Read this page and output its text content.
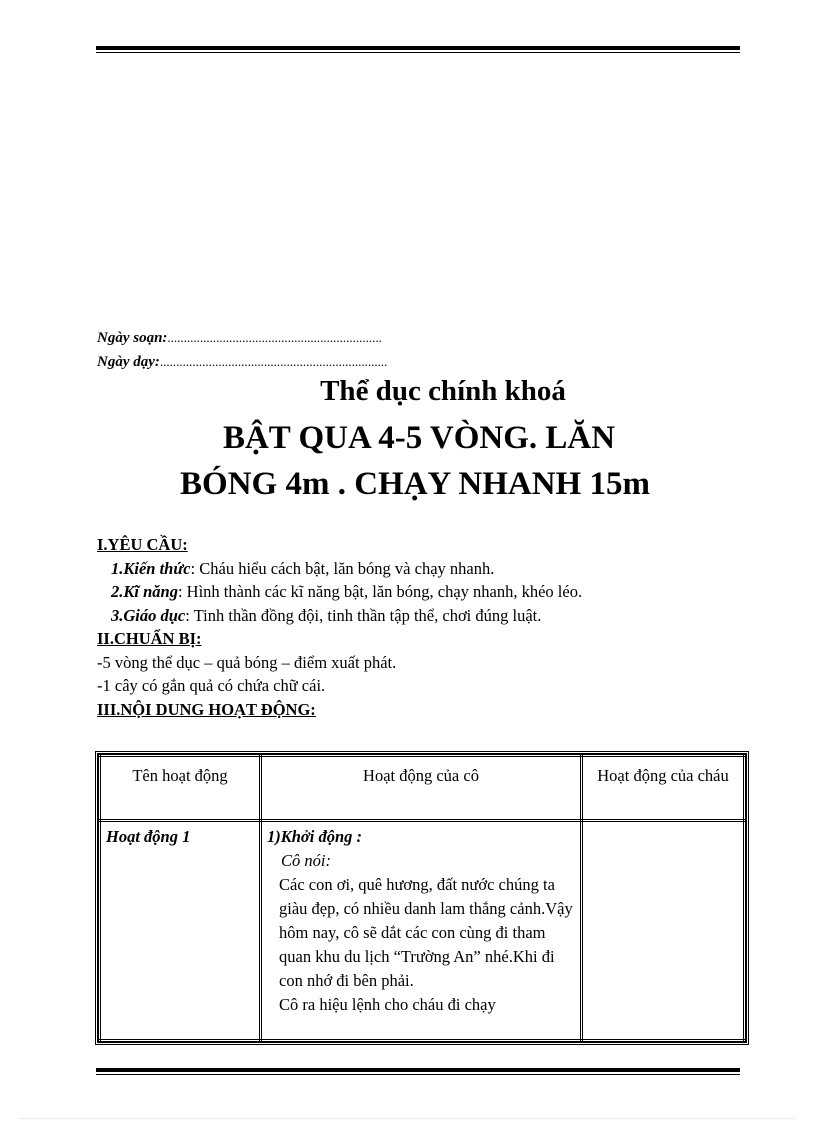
Ngày soạn:..................................................................
Ngày dạy:......................................................................
Thể dục chính khoá
BẬT QUA 4-5 VÒNG. LĂN
BÓNG 4m . CHẠY NHANH 15m

I.YÊU CẦU:

1.Kiến thức: Cháu hiểu cách bật, lăn bóng và chạy nhanh.

2.Kĩ năng: Hình thành các kĩ năng bật, lăn bóng, chạy nhanh, khéo léo.

3.Giáo dục: Tinh thần đồng đội, tinh thần tập thể, chơi đúng luật.

II.CHUẨN BỊ:

-5 vòng thể dục – quả bóng – điểm xuất phát.

-1 cây có gắn quả có chứa chữ cái.

III.NỘI DUNG HOẠT ĐỘNG:

Tên hoạt động	Hoạt động của cô	Hoạt động của cháu
Hoạt động 1	1)Khởi động :
Cô nói:
Các con ơi, quê hương, đất nước chúng ta giàu đẹp, có nhiều danh lam thắng cảnh.Vậy hôm nay, cô sẽ dắt các con cùng đi tham quan khu du lịch “Trường An” nhé.Khi đi con nhớ đi bên phải.
Cô ra hiệu lệnh cho cháu đi chạy	
